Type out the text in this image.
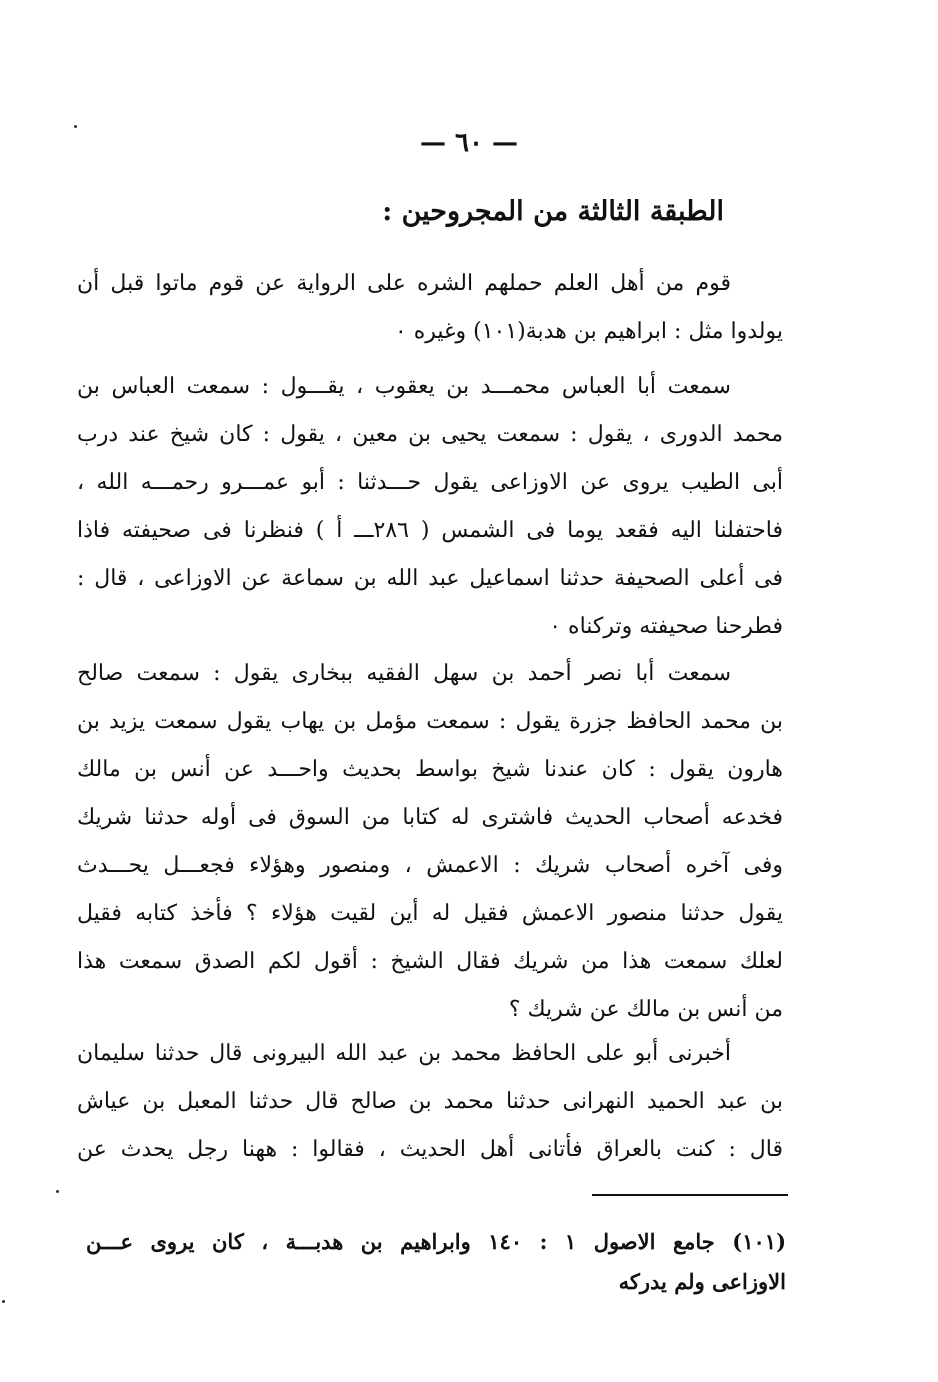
— ٦٠ —
الطبقة الثالثة من المجروحين :
قوم من أهل العلم حملهم الشره على الرواية عن قوم ماتوا قبل أن
يولدوا مثل : ابراهيم بن هدبة(١٠١) وغيره ٠
سمعت أبا العباس محمـــد بن يعقوب ، يقـــول : سمعت العباس بن
محمد الدورى ، يقول : سمعت يحيى بن معين ، يقول : كان شيخ عند درب
أبى الطيب يروى عن الاوزاعى يقول حـــدثنا : أبو عمـــرو رحمـــه الله ،
فاحتفلنا اليه فقعد يوما فى الشمس ( ٢٨٦ـــ أ ) فنظرنا فى صحيفته فاذا
فى أعلى الصحيفة حدثنا اسماعيل عبد الله بن سماعة عن الاوزاعى ، قال :
فطرحنا صحيفته وتركناه ٠
سمعت أبا نصر أحمد بن سهل الفقيه ببخارى يقول : سمعت صالح
بن محمد الحافظ جزرة يقول : سمعت مؤمل بن يهاب يقول سمعت يزيد بن
هارون يقول : كان عندنا شيخ بواسط بحديث واحـــد عن أنس بن مالك
فخدعه أصحاب الحديث فاشترى له كتابا من السوق فى أوله حدثنا شريك
وفى آخره أصحاب شريك : الاعمش ، ومنصور وهؤلاء فجعـــل يحـــدث
يقول حدثنا منصور الاعمش فقيل له أين لقيت هؤلاء ؟ فأخذ كتابه فقيل
لعلك سمعت هذا من شريك فقال الشيخ : أقول لكم الصدق سمعت هذا
من أنس بن مالك عن شريك ؟
أخبرنى أبو على الحافظ محمد بن عبد الله البيرونى قال حدثنا سليمان
بن عبد الحميد النهرانى حدثنا محمد بن صالح قال حدثنا المعبل بن عياش
قال : كنت بالعراق فأتانى أهل الحديث ، فقالوا : ههنا رجل يحدث عن
(١٠١) جامع الاصول ١ : ١٤٠ وابراهيم بن هدبـــة ، كان يروى عـــن
الاوزاعى ولم يدركه
